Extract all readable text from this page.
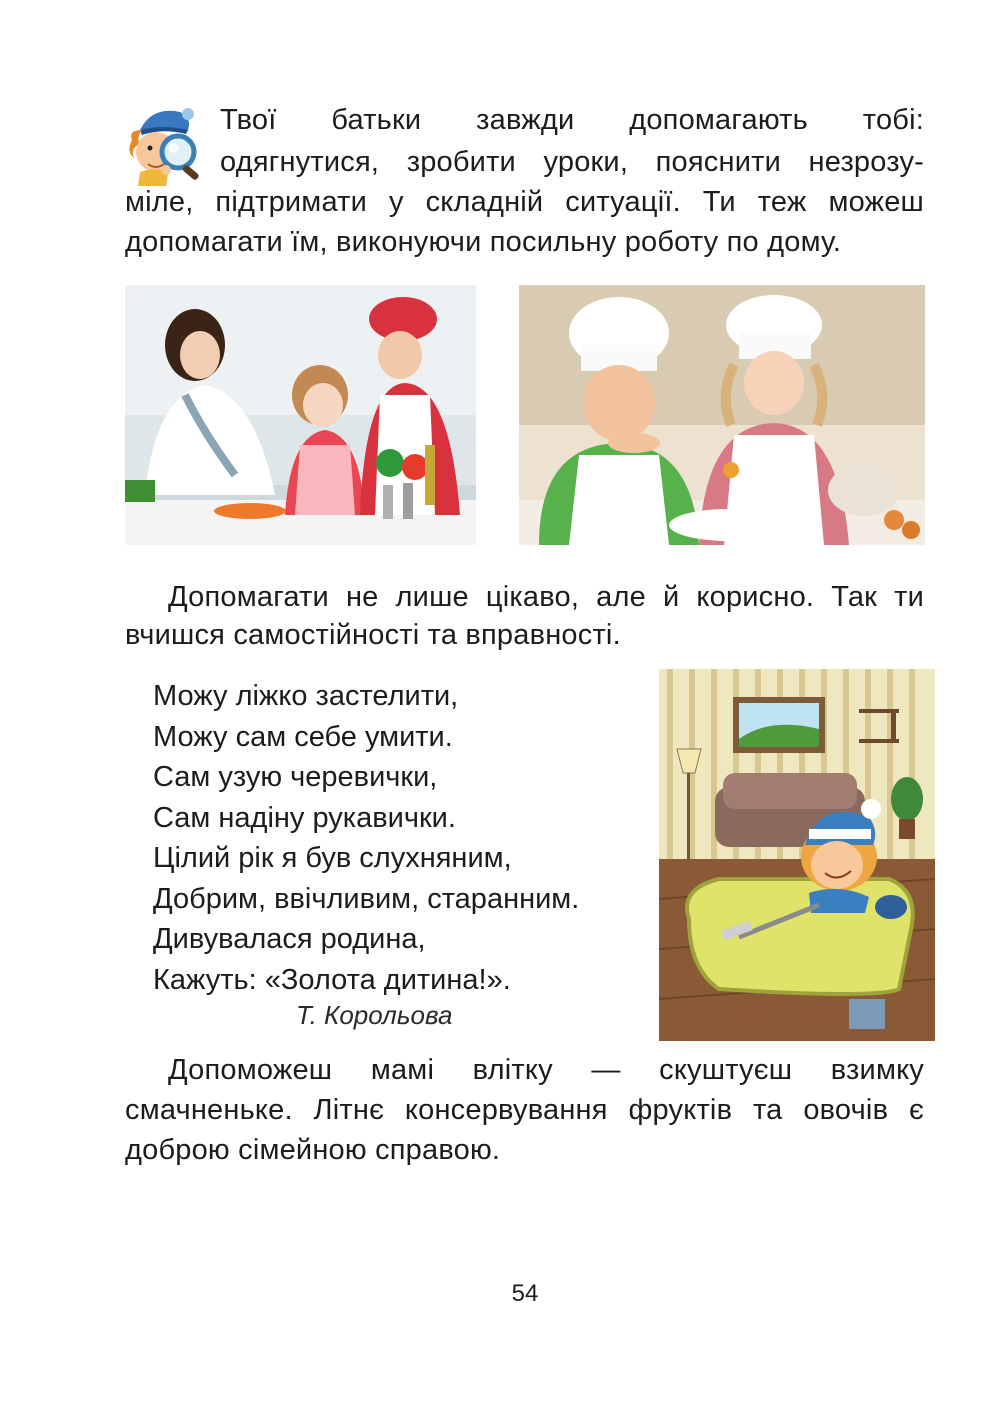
Твої батьки завжди допомагають тобі:
одягнутися, зробити уроки, пояснити незрозу-
міле, підтримати у складній ситуації. Ти теж можеш
допомагати їм, виконуючи посильну роботу по дому.
Допомагати не лише цікаво, але й корисно. Так ти
вчишся самостійності та вправності.
Можу ліжко застелити,
Можу сам себе умити.
Сам узую черевички,
Сам надіну рукавички.
Цілий рік я був слухняним,
Добрим, ввічливим, старанним.
Дивувалася родина,
Кажуть: «Золота дитина!».
Т. Корольова
Допоможеш мамі влітку — скуштуєш взимку
смачненьке. Літнє консервування фруктів та овочів є
доброю сімейною справою.
54
